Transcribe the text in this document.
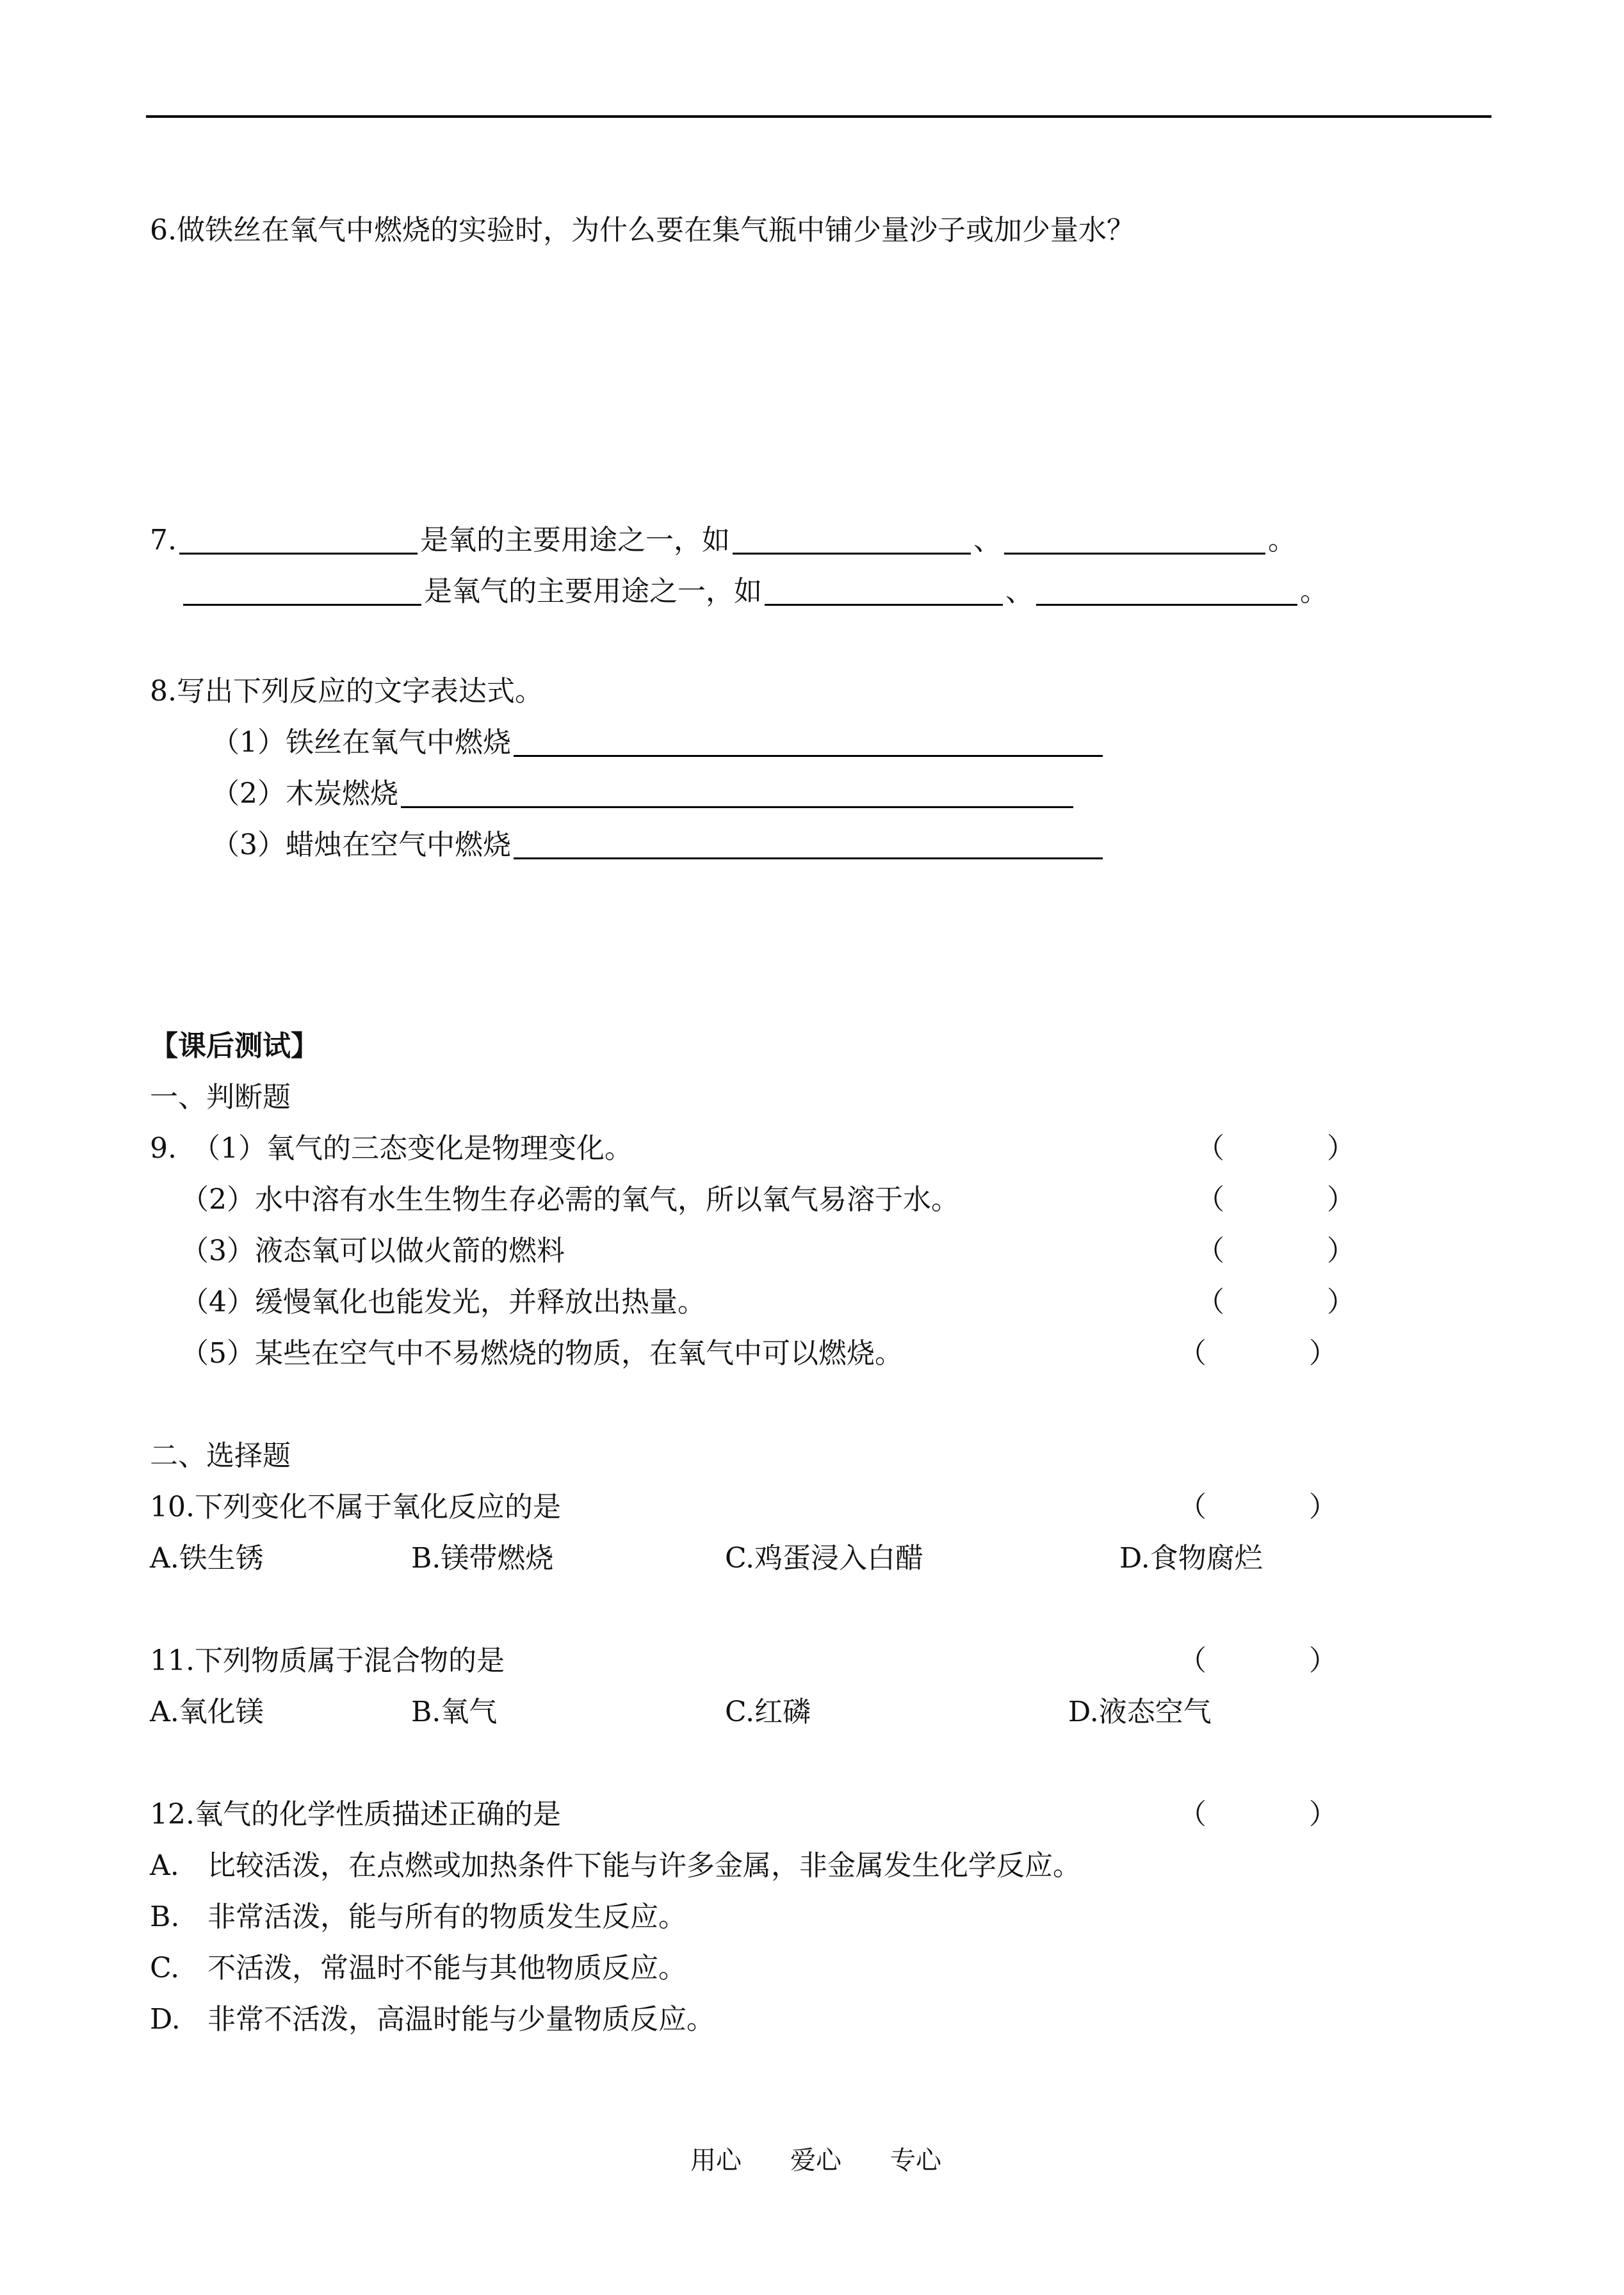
6.做铁丝在氧气中燃烧的实验时，为什么要在集气瓶中铺少量沙子或加少量水？
7.	是氧的主要用途之一，如	、	。
是氧气的主要用途之一，如	、	。
8.写出下列反应的文字表达式。
（1）铁丝在氧气中燃烧
（2）木炭燃烧
（3）蜡烛在空气中燃烧
【课后测试】
一、判断题
9. （1）氧气的三态变化是物理变化。	（	）
（2）水中溶有水生生物生存必需的氧气，所以氧气易溶于水。	（	）
（3）液态氧可以做火箭的燃料	（	）
（4）缓慢氧化也能发光，并释放出热量。	（	）
（5）某些在空气中不易燃烧的物质，在氧气中可以燃烧。	（	）
二、选择题
10.下列变化不属于氧化反应的是	（	）
A.铁生锈	B.镁带燃烧	C.鸡蛋浸入白醋	D.食物腐烂
11.下列物质属于混合物的是	（	）
A.氧化镁	B.氧气	C.红磷	D.液态空气
12.氧气的化学性质描述正确的是	（	）
A. 比较活泼，在点燃或加热条件下能与许多金属，非金属发生化学反应。
B. 非常活泼，能与所有的物质发生反应。
C. 不活泼，常温时不能与其他物质反应。
D. 非常不活泼，高温时能与少量物质反应。
用心 爱心 专心
